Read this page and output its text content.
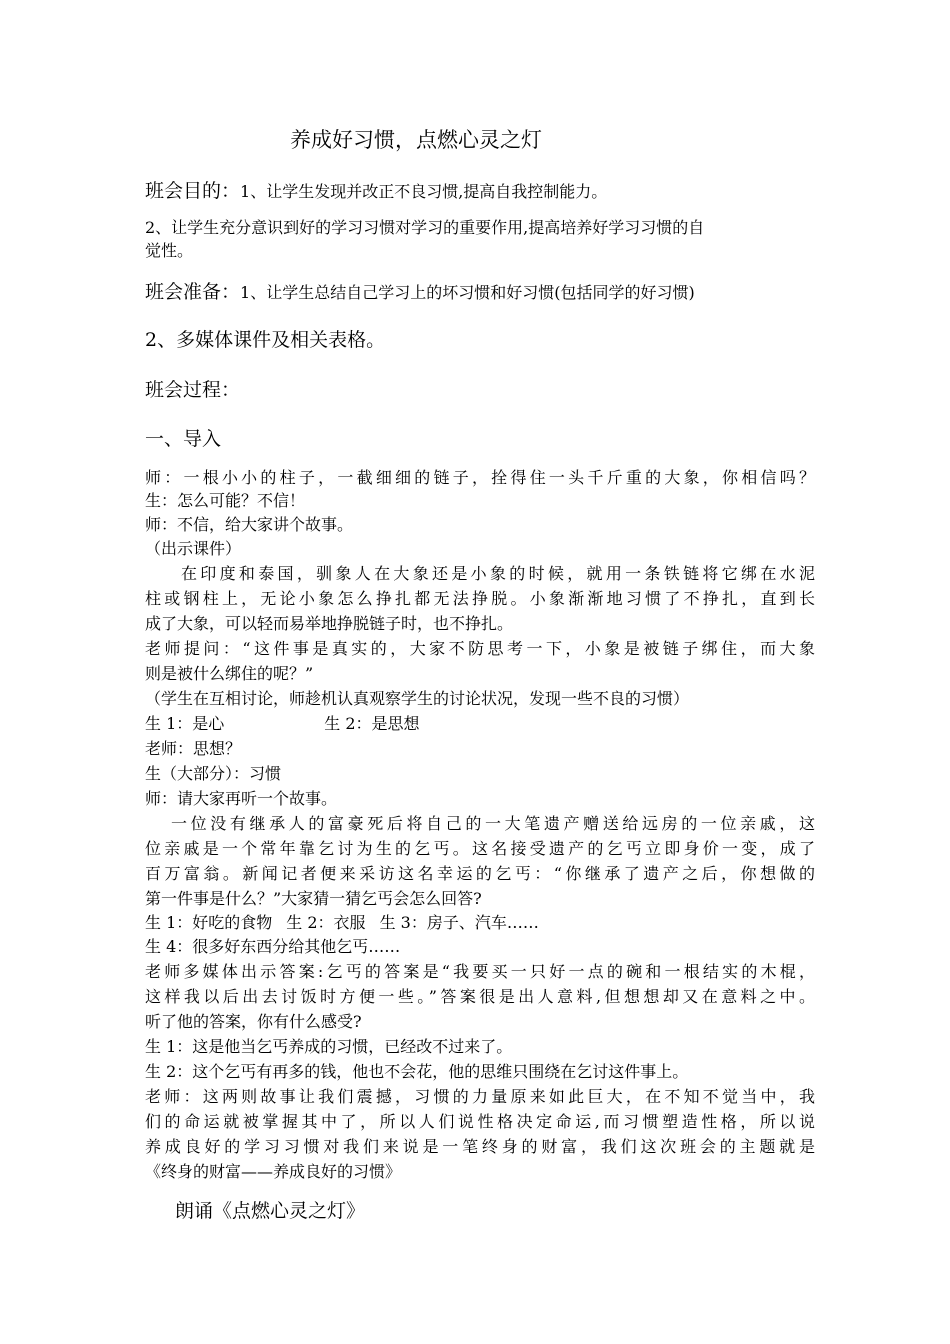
养成好习惯，点燃心灵之灯
班会目的：1、让学生发现并改正不良习惯,提高自我控制能力。
2、让学生充分意识到好的学习习惯对学习的重要作用,提高培养好学习习惯的自
觉性。
班会准备：1、让学生总结自己学习上的坏习惯和好习惯(包括同学的好习惯)
2、多媒体课件及相关表格。
班会过程：
一、导入
师：一根小小的柱子，一截细细的链子，拴得住一头千斤重的大象，你相信吗？
生：怎么可能？不信！
师：不信，给大家讲个故事。
（出示课件）
在印度和泰国，驯象人在大象还是小象的时候，就用一条铁链将它绑在水泥
柱或钢柱上，无论小象怎么挣扎都无法挣脱。小象渐渐地习惯了不挣扎，直到长
成了大象，可以轻而易举地挣脱链子时，也不挣扎。
老师提问：“这件事是真实的，大家不防思考一下，小象是被链子绑住，而大象
则是被什么绑住的呢？”
（学生在互相讨论，师趁机认真观察学生的讨论状况，发现一些不良的习惯）
生 1：是心	生 2：是思想
老师：思想？
生（大部分）：习惯
师：请大家再听一个故事。
一位没有继承人的富豪死后将自己的一大笔遗产赠送给远房的一位亲戚，这
位亲戚是一个常年靠乞讨为生的乞丐。这名接受遗产的乞丐立即身价一变，成了
百万富翁。新闻记者便来采访这名幸运的乞丐：“你继承了遗产之后，你想做的
第一件事是什么？”大家猜一猜乞丐会怎么回答?
生 1：好吃的食物 生 2：衣服 生 3：房子、汽车……
生 4：很多好东西分给其他乞丐……
老师多媒体出示答案:乞丐的答案是“我要买一只好一点的碗和一根结实的木棍，
这样我以后出去讨饭时方便一些。”答案很是出人意料,但想想却又在意料之中。
听了他的答案，你有什么感受?
生 1：这是他当乞丐养成的习惯，已经改不过来了。
生 2：这个乞丐有再多的钱，他也不会花，他的思维只围绕在乞讨这件事上。
老师：这两则故事让我们震撼，习惯的力量原来如此巨大，在不知不觉当中，我
们的命运就被掌握其中了，所以人们说性格决定命运,而习惯塑造性格，所以说
养成良好的学习习惯对我们来说是一笔终身的财富，我们这次班会的主题就是
《终身的财富——养成良好的习惯》
朗诵《点燃心灵之灯》
